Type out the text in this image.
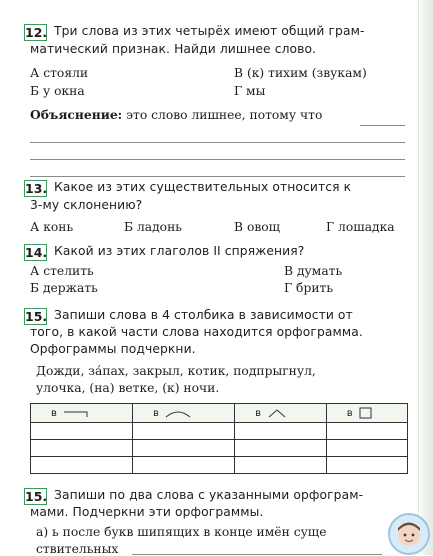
12. Три слова из этих четырёх имеют общий грам-
матический признак. Найди лишнее слово.
А стояли	В (к) тихим (звукам)
Б у окна	Г мы
Объяснение: это слово лишнее, потому что
13. Какое из этих существительных относится к
3-му склонению?
А конь	Б ладонь	В овощ	Г лошадка
14. Какой из этих глаголов II спряжения?
А стелить	В думать
Б держать	Г брить
15. Запиши слова в 4 столбика в зависимости от
того, в какой части слова находится орфограмма.
Орфограммы подчеркни.
Дожди, за́пах, закрыл, котик, подпрыгнул,
улочка, (на) ветке, (к) ночи.
в	в	в	в

15. Запиши по два слова с указанными орфограм-
мами. Подчеркни эти орфограммы.
а) ь после букв шипящих в конце имён суще
ствительных
